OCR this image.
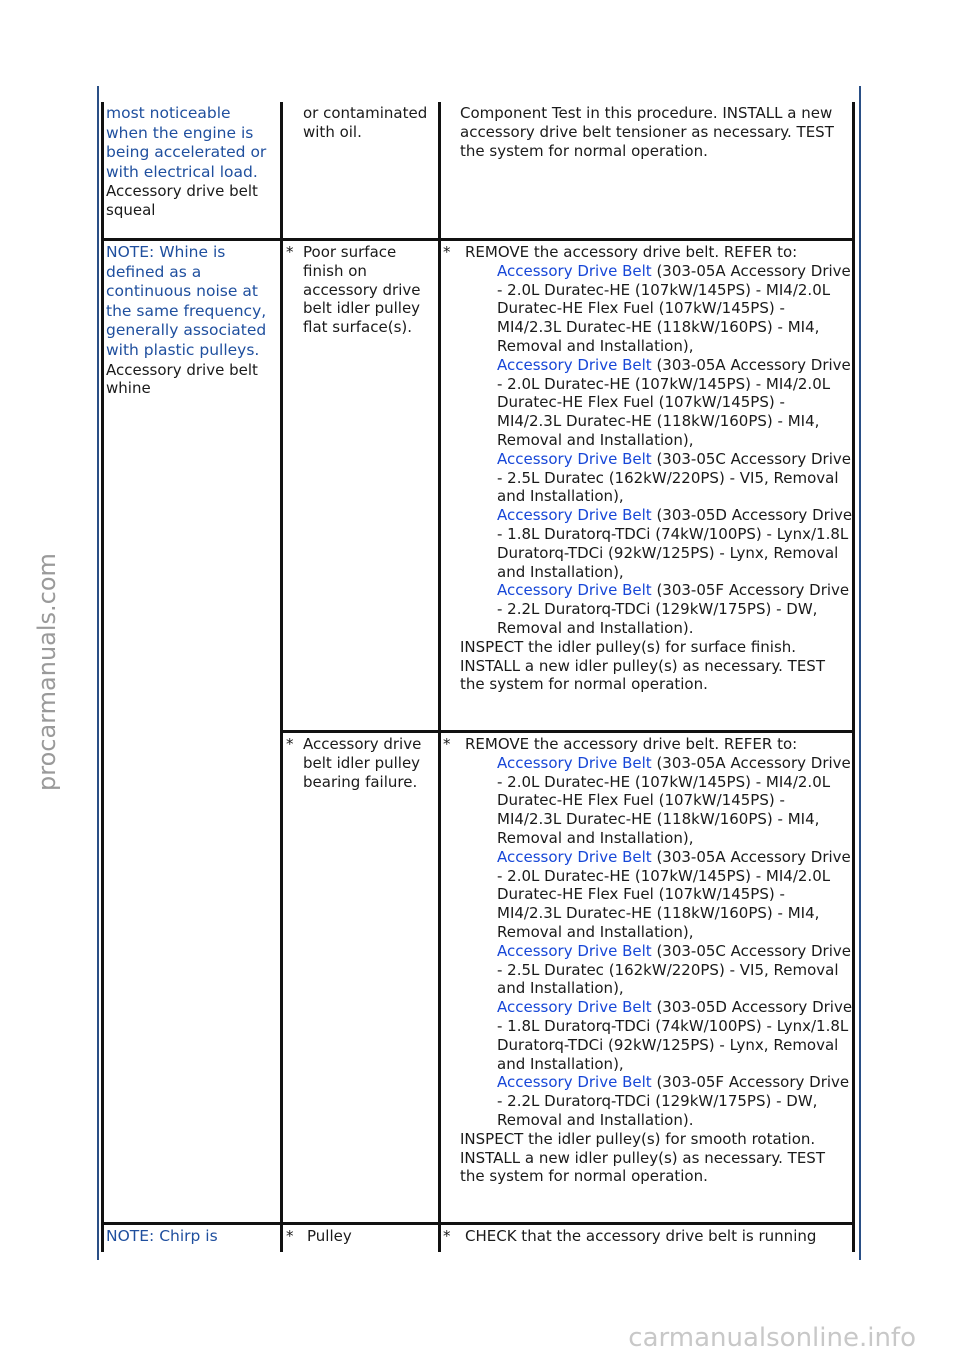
procarmanuals.com
carmanualsonline.info
most noticeable when the engine is being accelerated or with electrical load.
Accessory drive belt squeal
or contaminated with oil.
Component Test in this procedure. INSTALL a new accessory drive belt tensioner as necessary. TEST the system for normal operation.
NOTE: Whine is defined as a continuous noise at the same frequency, generally associated with plastic pulleys.
Accessory drive belt whine
* Poor surface finish on accessory drive belt idler pulley flat surface(s).
* REMOVE the accessory drive belt. REFER to:
Accessory Drive Belt (303-05A Accessory Drive - 2.0L Duratec-HE (107kW/145PS) - MI4/2.0L Duratec-HE Flex Fuel (107kW/145PS) - MI4/2.3L Duratec-HE (118kW/160PS) - MI4, Removal and Installation),
Accessory Drive Belt (303-05A Accessory Drive - 2.0L Duratec-HE (107kW/145PS) - MI4/2.0L Duratec-HE Flex Fuel (107kW/145PS) - MI4/2.3L Duratec-HE (118kW/160PS) - MI4, Removal and Installation),
Accessory Drive Belt (303-05C Accessory Drive - 2.5L Duratec (162kW/220PS) - VI5, Removal and Installation),
Accessory Drive Belt (303-05D Accessory Drive - 1.8L Duratorq-TDCi (74kW/100PS) - Lynx/1.8L Duratorq-TDCi (92kW/125PS) - Lynx, Removal and Installation),
Accessory Drive Belt (303-05F Accessory Drive - 2.2L Duratorq-TDCi (129kW/175PS) - DW, Removal and Installation).
INSPECT the idler pulley(s) for surface finish. INSTALL a new idler pulley(s) as necessary. TEST the system for normal operation.
* Accessory drive belt idler pulley bearing failure.
* REMOVE the accessory drive belt. REFER to:
Accessory Drive Belt (303-05A Accessory Drive - 2.0L Duratec-HE (107kW/145PS) - MI4/2.0L Duratec-HE Flex Fuel (107kW/145PS) - MI4/2.3L Duratec-HE (118kW/160PS) - MI4, Removal and Installation),
Accessory Drive Belt (303-05A Accessory Drive - 2.0L Duratec-HE (107kW/145PS) - MI4/2.0L Duratec-HE Flex Fuel (107kW/145PS) - MI4/2.3L Duratec-HE (118kW/160PS) - MI4, Removal and Installation),
Accessory Drive Belt (303-05C Accessory Drive - 2.5L Duratec (162kW/220PS) - VI5, Removal and Installation),
Accessory Drive Belt (303-05D Accessory Drive - 1.8L Duratorq-TDCi (74kW/100PS) - Lynx/1.8L Duratorq-TDCi (92kW/125PS) - Lynx, Removal and Installation),
Accessory Drive Belt (303-05F Accessory Drive - 2.2L Duratorq-TDCi (129kW/175PS) - DW, Removal and Installation).
INSPECT the idler pulley(s) for smooth rotation. INSTALL a new idler pulley(s) as necessary. TEST the system for normal operation.
NOTE: Chirp is	* Pulley	* CHECK that the accessory drive belt is running
